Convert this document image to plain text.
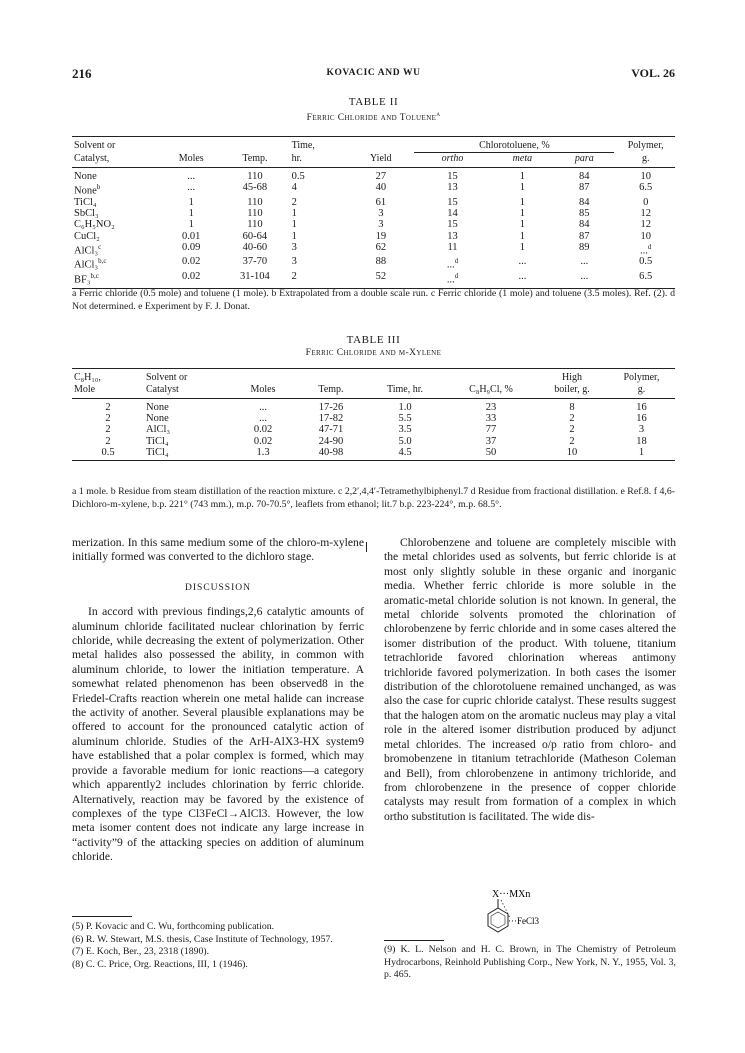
216	KOVACIC AND WU	VOL. 26
TABLE II
Ferric Chloride and Toluene$^a$

Solvent or			Time,		Chlorotoluene, %			Polymer,
Catalyst,	Moles	Temp.	hr.	Yield	ortho	meta	para	g.

None	...	110	0.5	27	15	1	84	10
None$^b$	...	45-68	4	40	13	1	87	6.5
TiCl₄	1	110	2	61	15	1	84	0
SbCl₃	1	110	1	3	14	1	85	12
C₆H₅NO₂	1	110	1	3	15	1	84	12
CuCl₂	0.01	60-64	1	19	13	1	87	10
AlCl₃$^c$	0.09	40-60	3	62	11	1	89	...$^d$
AlCl₃$^{b,c}$	0.02	37-70	3	88	...$^d$	...	...	0.5
BF₃$^{b,c}$	0.02	31-104	2	52	...$^d$	...	...	6.5

a Ferric chloride (0.5 mole) and toluene (1 mole). b Extrapolated from a double scale run. c Ferric chloride (1 mole) and toluene (3.5 moles). Ref. (2). d Not determined. e Experiment by F. J. Donat.
TABLE III
Ferric Chloride and m-Xylene

C₈H₁₀,	Solvent or					High	Polymer,
Mole	Catalyst	Moles	Temp.	Time, hr.	C₈H₉Cl, %	boiler, g.	g.

2	None	...	17-26	1.0	23	8	16
2	None	...	17-82	5.5	33	2	16
2	AlCl₃	0.02	47-71	3.5	77	2	3
2	TiCl₄	0.02	24-90	5.0	37	2	18
0.5	TiCl₄	1.3	40-98	4.5	50	10	1

a 1 mole. b Residue from steam distillation of the reaction mixture. c 2,2′,4,4′-Tetramethylbiphenyl.7 d Residue from fractional distillation. e Ref.8. f 4,6-Dichloro-m-xylene, b.p. 221° (743 mm.), m.p. 70-70.5°, leaflets from ethanol; lit.7 b.p. 223-224°, m.p. 68.5°.

merization. In this same medium some of the chloro-m-xylene initially formed was converted to the dichloro stage.

DISCUSSION

In accord with previous findings,2,6 catalytic amounts of aluminum chloride facilitated nuclear chlorination by ferric chloride, while decreasing the extent of polymerization. Other metal halides also possessed the ability, in common with aluminum chloride, to lower the initiation temperature. A somewhat related phenomenon has been observed8 in the Friedel-Crafts reaction wherein one metal halide can increase the activity of another. Several plausible explanations may be offered to account for the pronounced catalytic action of aluminum chloride. Studies of the ArH-AlX3-HX system9 have established that a polar complex is formed, which may provide a favorable medium for ionic reactions—a category which apparently2 includes chlorination by ferric chloride. Alternatively, reaction may be favored by the existence of complexes of the type Cl3FeCl→AlCl3. However, the low meta isomer content does not indicate any large increase in “activity”9 of the attacking species on addition of aluminum chloride.

Chlorobenzene and toluene are completely miscible with the metal chlorides used as solvents, but ferric chloride is at most only slightly soluble in these organic and inorganic media. Whether ferric chloride is more soluble in the aromatic-metal chloride solution is not known. In general, the metal chloride solvents promoted the chlorination of chlorobenzene by ferric chloride and in some cases altered the isomer distribution of the product. With toluene, titanium tetrachloride favored chlorination whereas antimony trichloride favored polymerization. In both cases the isomer distribution of the chlorotoluene remained unchanged, as was also the case for cupric chloride catalyst. These results suggest that the halogen atom on the aromatic nucleus may play a vital role in the altered isomer distribution produced by adjunct metal chlorides. The increased o/p ratio from chloro- and bromobenzene in titanium tetrachloride (Matheson Coleman and Bell), from chlorobenzene in antimony trichloride, and from chlorobenzene in the presence of copper chloride catalysts may result from formation of a complex in which ortho substitution is facilitated. The wide dis-

X···MXn
···FeCl3

(5) P. Kovacic and C. Wu, forthcoming publication.

(6) R. W. Stewart, M.S. thesis, Case Institute of Technology, 1957.

(7) E. Koch, Ber., 23, 2318 (1890).

(8) C. C. Price, Org. Reactions, III, 1 (1946).

(9) K. L. Nelson and H. C. Brown, in The Chemistry of Petroleum Hydrocarbons, Reinhold Publishing Corp., New York, N. Y., 1955, Vol. 3, p. 465.
